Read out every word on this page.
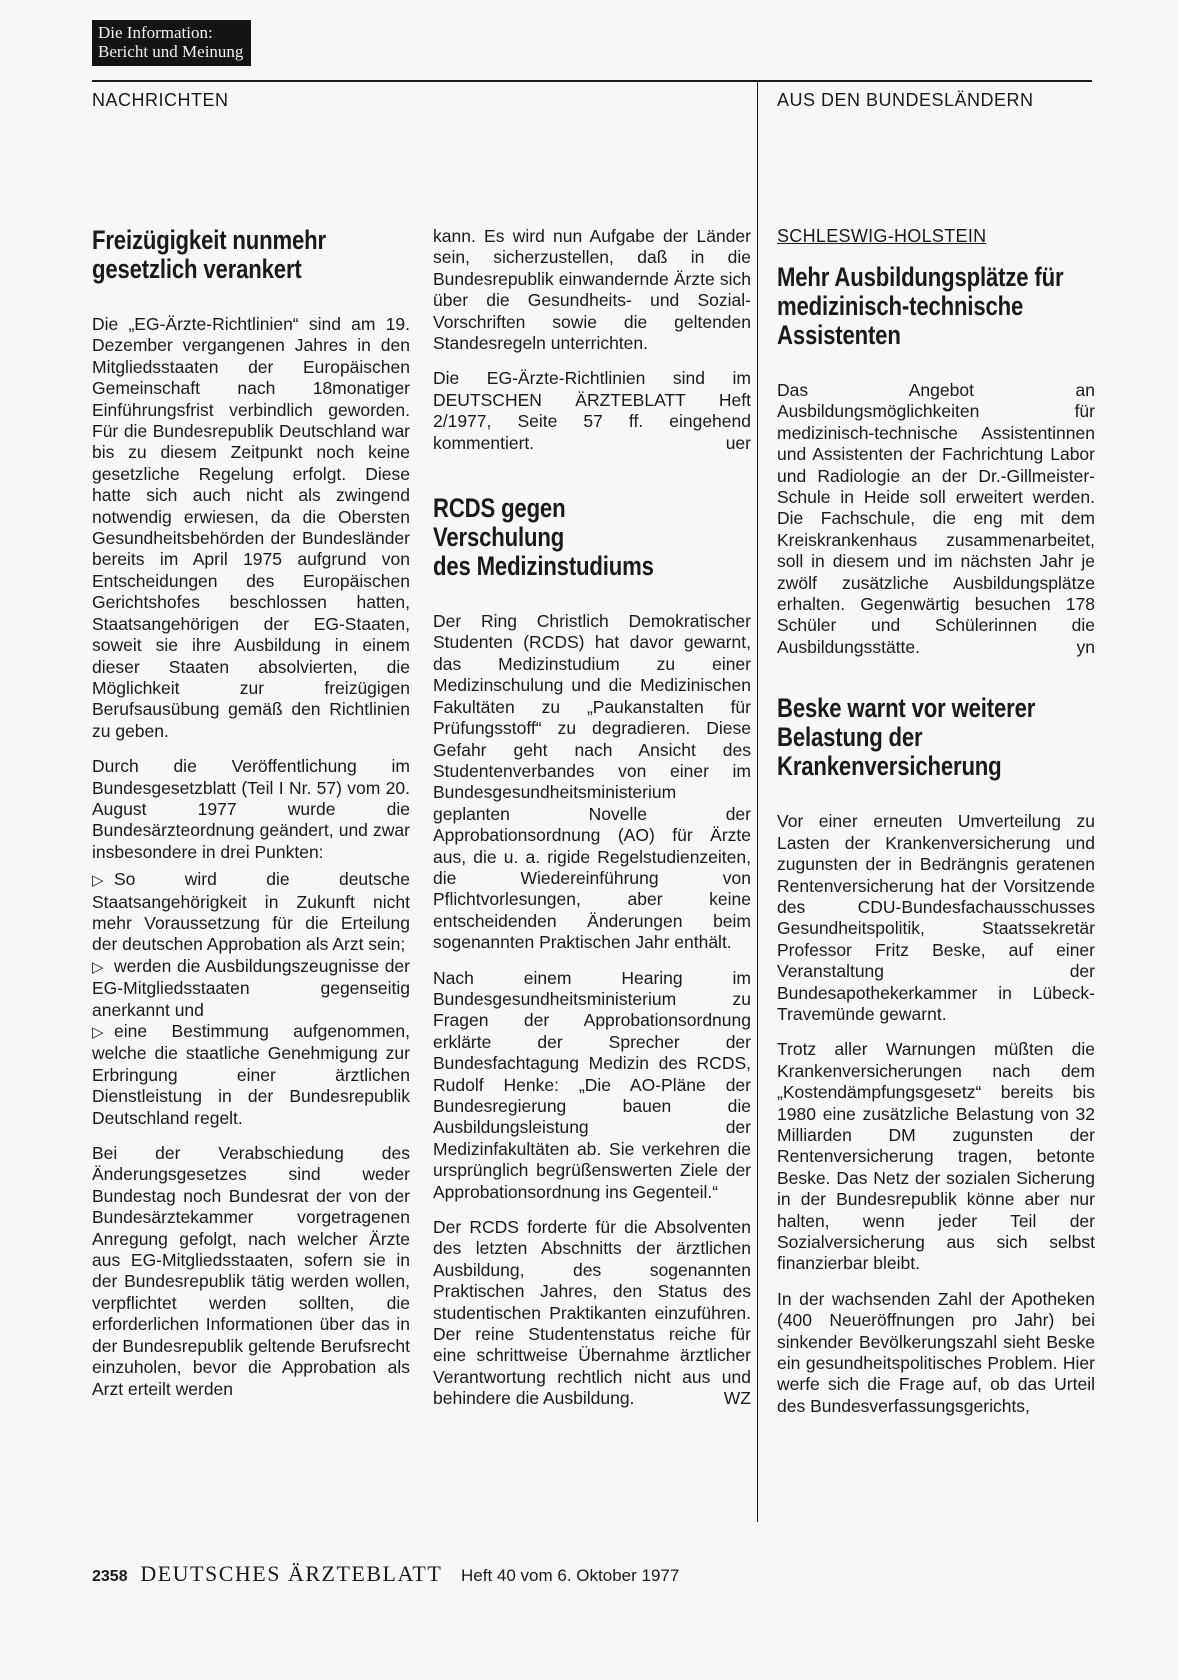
Die Information:
Bericht und Meinung
NACHRICHTEN	AUS DEN BUNDESLÄNDERN
Freizügigkeit nunmehr gesetzlich verankert

Die „EG-Ärzte-Richtlinien“ sind am 19. Dezember vergangenen Jahres in den Mitgliedsstaaten der Europäischen Gemeinschaft nach 18monatiger Einführungsfrist verbindlich geworden. Für die Bundesrepublik Deutschland war bis zu diesem Zeitpunkt noch keine gesetzliche Regelung erfolgt. Diese hatte sich auch nicht als zwingend notwendig erwiesen, da die Obersten Gesundheitsbehörden der Bundesländer bereits im April 1975 aufgrund von Entscheidungen des Europäischen Gerichtshofes beschlossen hatten, Staatsangehörigen der EG-Staaten, soweit sie ihre Ausbildung in einem dieser Staaten absolvierten, die Möglichkeit zur freizügigen Berufsausübung gemäß den Richtlinien zu geben.

Durch die Veröffentlichung im Bundesgesetzblatt (Teil I Nr. 57) vom 20. August 1977 wurde die Bundesärzteordnung geändert, und zwar insbesondere in drei Punkten:

▷ So wird die deutsche Staatsangehörigkeit in Zukunft nicht mehr Voraussetzung für die Erteilung der deutschen Approbation als Arzt sein;

▷ werden die Ausbildungszeugnisse der EG-Mitgliedsstaaten gegenseitig anerkannt und

▷ eine Bestimmung aufgenommen, welche die staatliche Genehmigung zur Erbringung einer ärztlichen Dienstleistung in der Bundesrepublik Deutschland regelt.

Bei der Verabschiedung des Änderungsgesetzes sind weder Bundestag noch Bundesrat der von der Bundesärztekammer vorgetragenen Anregung gefolgt, nach welcher Ärzte aus EG-Mitgliedsstaaten, sofern sie in der Bundesrepublik tätig werden wollen, verpflichtet werden sollten, die erforderlichen Informationen über das in der Bundesrepublik geltende Berufsrecht einzuholen, bevor die Approbation als Arzt erteilt werden

kann. Es wird nun Aufgabe der Länder sein, sicherzustellen, daß in die Bundesrepublik einwandernde Ärzte sich über die Gesundheits- und Sozial-Vorschriften sowie die geltenden Standesregeln unterrichten.

Die EG-Ärzte-Richtlinien sind im DEUTSCHEN ÄRZTEBLATT Heft 2/1977, Seite 57 ff. eingehend kommentiert.	uer

RCDS gegen
Verschulung
des Medizinstudiums

Der Ring Christlich Demokratischer Studenten (RCDS) hat davor gewarnt, das Medizinstudium zu einer Medizinschulung und die Medizinischen Fakultäten zu „Paukanstalten für Prüfungsstoff“ zu degradieren. Diese Gefahr geht nach Ansicht des Studentenverbandes von einer im Bundesgesundheitsministerium geplanten Novelle der Approbationsordnung (AO) für Ärzte aus, die u. a. rigide Regelstudienzeiten, die Wiedereinführung von Pflichtvorlesungen, aber keine entscheidenden Änderungen beim sogenannten Praktischen Jahr enthält.

Nach einem Hearing im Bundesgesundheitsministerium zu Fragen der Approbationsordnung erklärte der Sprecher der Bundesfachtagung Medizin des RCDS, Rudolf Henke: „Die AO-Pläne der Bundesregierung bauen die Ausbildungsleistung der Medizinfakultäten ab. Sie verkehren die ursprünglich begrüßenswerten Ziele der Approbationsordnung ins Gegenteil.“

Der RCDS forderte für die Absolventen des letzten Abschnitts der ärztlichen Ausbildung, des sogenannten Praktischen Jahres, den Status des studentischen Praktikanten einzuführen. Der reine Studentenstatus reiche für eine schrittweise Übernahme ärztlicher Verantwortung rechtlich nicht aus und behindere die Ausbildung.	WZ

SCHLESWIG-HOLSTEIN
Mehr Ausbildungsplätze für medizinisch-technische Assistenten

Das Angebot an Ausbildungsmöglichkeiten für medizinisch-technische Assistentinnen und Assistenten der Fachrichtung Labor und Radiologie an der Dr.-Gillmeister-Schule in Heide soll erweitert werden. Die Fachschule, die eng mit dem Kreiskrankenhaus zusammenarbeitet, soll in diesem und im nächsten Jahr je zwölf zusätzliche Ausbildungsplätze erhalten. Gegenwärtig besuchen 178 Schüler und Schülerinnen die Ausbildungsstätte.	yn

Beske warnt vor weiterer Belastung der Krankenversicherung

Vor einer erneuten Umverteilung zu Lasten der Krankenversicherung und zugunsten der in Bedrängnis geratenen Rentenversicherung hat der Vorsitzende des CDU-Bundesfachausschusses Gesundheitspolitik, Staatssekretär Professor Fritz Beske, auf einer Veranstaltung der Bundesapothekerkammer in Lübeck-Travemünde gewarnt.

Trotz aller Warnungen müßten die Krankenversicherungen nach dem „Kostendämpfungsgesetz“ bereits bis 1980 eine zusätzliche Belastung von 32 Milliarden DM zugunsten der Rentenversicherung tragen, betonte Beske. Das Netz der sozialen Sicherung in der Bundesrepublik könne aber nur halten, wenn jeder Teil der Sozialversicherung aus sich selbst finanzierbar bleibt.

In der wachsenden Zahl der Apotheken (400 Neueröffnungen pro Jahr) bei sinkender Bevölkerungszahl sieht Beske ein gesundheitspolitisches Problem. Hier werfe sich die Frage auf, ob das Urteil des Bundesverfassungsgerichts,

2358 DEUTSCHES ÄRZTEBLATT Heft 40 vom 6. Oktober 1977
